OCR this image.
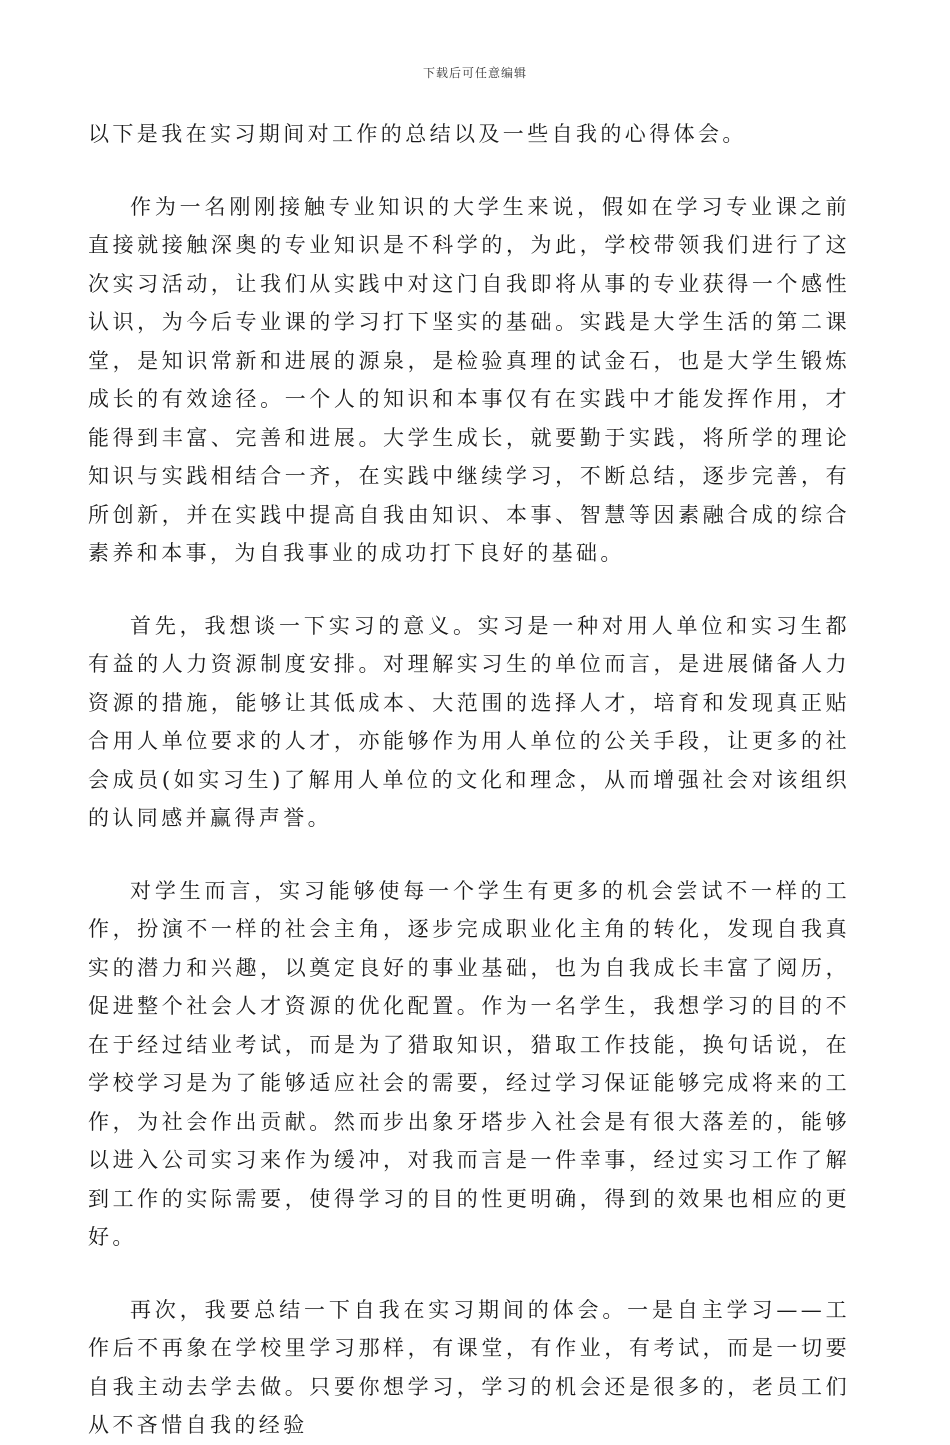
下载后可任意编辑

以下是我在实习期间对工作的总结以及一些自我的心得体会。

作为一名刚刚接触专业知识的大学生来说，假如在学习专业课之前直接就接触深奥的专业知识是不科学的，为此，学校带领我们进行了这次实习活动，让我们从实践中对这门自我即将从事的专业获得一个感性认识，为今后专业课的学习打下坚实的基础。实践是大学生活的第二课堂，是知识常新和进展的源泉，是检验真理的试金石，也是大学生锻炼成长的有效途径。一个人的知识和本事仅有在实践中才能发挥作用，才能得到丰富、完善和进展。大学生成长，就要勤于实践，将所学的理论知识与实践相结合一齐，在实践中继续学习，不断总结，逐步完善，有所创新，并在实践中提高自我由知识、本事、智慧等因素融合成的综合素养和本事，为自我事业的成功打下良好的基础。

首先，我想谈一下实习的意义。实习是一种对用人单位和实习生都有益的人力资源制度安排。对理解实习生的单位而言，是进展储备人力资源的措施，能够让其低成本、大范围的选择人才，培育和发现真正贴合用人单位要求的人才，亦能够作为用人单位的公关手段，让更多的社会成员(如实习生)了解用人单位的文化和理念，从而增强社会对该组织的认同感并赢得声誉。

对学生而言，实习能够使每一个学生有更多的机会尝试不一样的工作，扮演不一样的社会主角，逐步完成职业化主角的转化，发现自我真实的潜力和兴趣，以奠定良好的事业基础，也为自我成长丰富了阅历，促进整个社会人才资源的优化配置。作为一名学生，我想学习的目的不在于经过结业考试，而是为了猎取知识，猎取工作技能，换句话说，在学校学习是为了能够适应社会的需要，经过学习保证能够完成将来的工作，为社会作出贡献。然而步出象牙塔步入社会是有很大落差的，能够以进入公司实习来作为缓冲，对我而言是一件幸事，经过实习工作了解到工作的实际需要，使得学习的目的性更明确，得到的效果也相应的更好。

再次，我要总结一下自我在实习期间的体会。一是自主学习——工作后不再象在学校里学习那样，有课堂，有作业，有考试，而是一切要自我主动去学去做。只要你想学习，学习的机会还是很多的，老员工们从不吝惜自我的经验
